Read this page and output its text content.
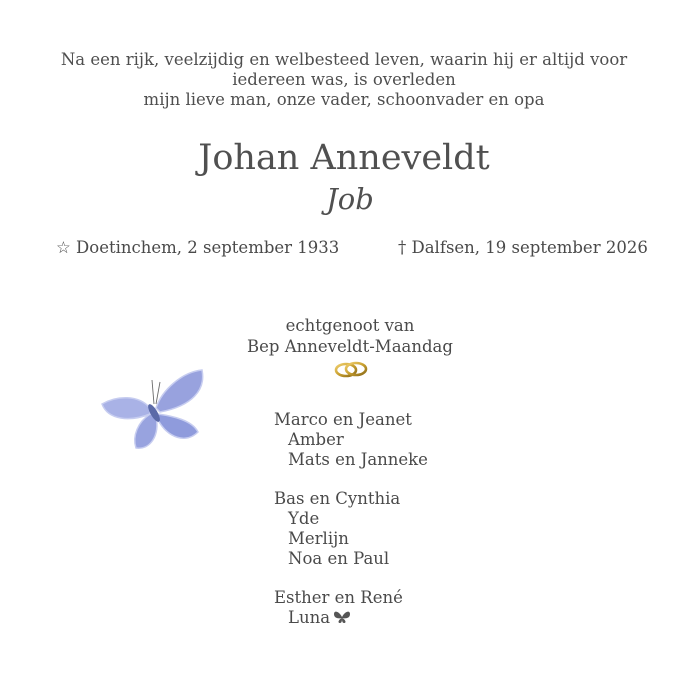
Na een rijk, veelzijdig en welbesteed leven, waarin hij er altijd voor
iedereen was, is overleden
mijn lieve man, onze vader, schoonvader en opa
Johan Anneveldt
Job
☆ Doetinchem, 2 september 1933	† Dalfsen, 19 september 2026
echtgenoot van
Bep Anneveldt-Maandag
Marco en Jeanet
Amber
Mats en Janneke
Bas en Cynthia
Yde
Merlijn
Noa en Paul
Esther en René
Luna
